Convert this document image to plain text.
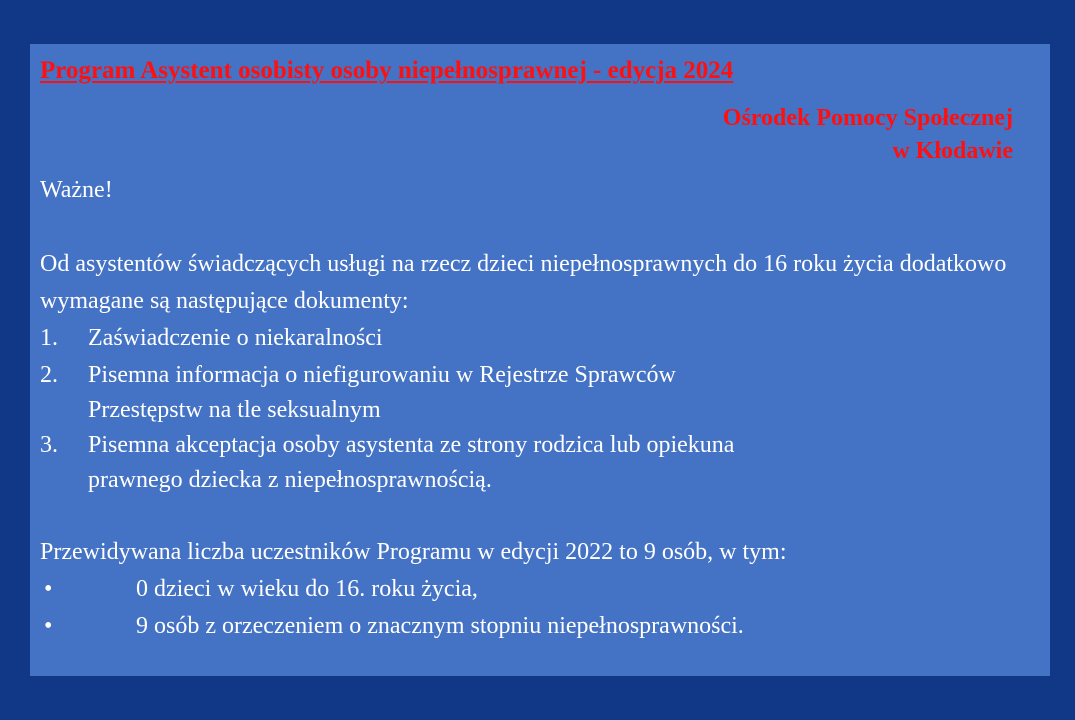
Program Asystent osobisty osoby niepełnosprawnej - edycja 2024
Ośrodek Pomocy Społecznej
w Kłodawie

Ważne!

Od asystentów świadczących usługi na rzecz dzieci niepełnosprawnych do 16 roku życia dodatkowo wymagane są następujące dokumenty:

1. Zaświadczenie o niekaralności
2. Pisemna informacja o niefigurowaniu w Rejestrze Sprawców
Przestępstw na tle seksualnym
3. Pisemna akceptacja osoby asystenta ze strony rodzica lub opiekuna
prawnego dziecka z niepełnosprawnością.

Przewidywana liczba uczestników Programu w edycji 2022 to 9 osób, w tym:

•	0 dzieci w wieku do 16. roku życia,
•	9 osób z orzeczeniem o znacznym stopniu niepełnosprawności.
